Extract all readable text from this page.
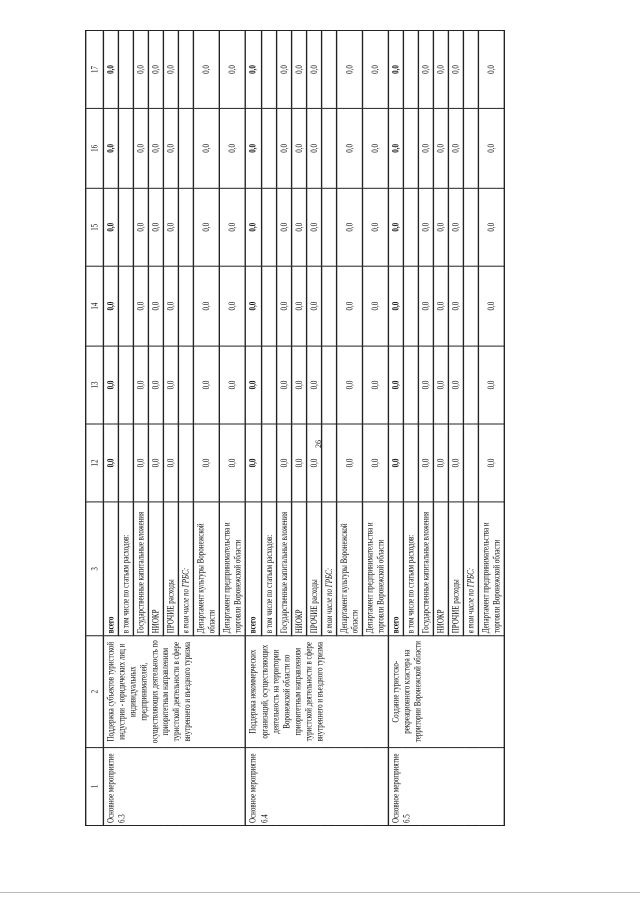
26
1	2	3	12	13	14	15	16	17
Основное мероприятие 6.3	Поддержка субъектов туристской индустрии - юридических лиц и индивидуальных предпринимателей, осуществляющих деятельность по приоритетным направлениям туристской деятельности в сфере внутреннего и въездного туризма	всего	0,0	0,0	0,0	0,0	0,0	0,0
		в том числе по статьям расходов:						
		Государственные капитальные вложения	0,0	0,0	0,0	0,0	0,0	0,0
		НИОКР	0,0	0,0	0,0	0,0	0,0	0,0
		ПРОЧИЕ расходы	0,0	0,0	0,0	0,0	0,0	0,0
		в том числе по ГРБС:						
		Департамент культуры Воронежской области	0,0	0,0	0,0	0,0	0,0	0,0
		Департамент предпринимательства и торговли Воронежской области	0,0	0,0	0,0	0,0	0,0	0,0
Основное мероприятие 6.4	Поддержка некоммерческих организаций, осуществляющих деятельность на территории Воронежской области по приоритетным направлениям туристской деятельности в сфере внутреннего и въездного туризма	всего	0,0	0,0	0,0	0,0	0,0	0,0
		в том числе по статьям расходов:						
		Государственные капитальные вложения	0,0	0,0	0,0	0,0	0,0	0,0
		НИОКР	0,0	0,0	0,0	0,0	0,0	0,0
		ПРОЧИЕ расходы	0,0	0,0	0,0	0,0	0,0	0,0
		в том числе по ГРБС:						
		Департамент культуры Воронежской области	0,0	0,0	0,0	0,0	0,0	0,0
		Департамент предпринимательства и торговли Воронежской области	0,0	0,0	0,0	0,0	0,0	0,0
Основное мероприятие 6.5	Создание туристско-рекреационного кластера на территории Воронежской области	всего	0,0	0,0	0,0	0,0	0,0	0,0
		в том числе по статьям расходов:						
		Государственные капитальные вложения	0,0	0,0	0,0	0,0	0,0	0,0
		НИОКР	0,0	0,0	0,0	0,0	0,0	0,0
		ПРОЧИЕ расходы	0,0	0,0	0,0	0,0	0,0	0,0
		в том числе по ГРБС:						
		Департамент предпринимательства и торговли Воронежской области	0,0	0,0	0,0	0,0	0,0	0,0
